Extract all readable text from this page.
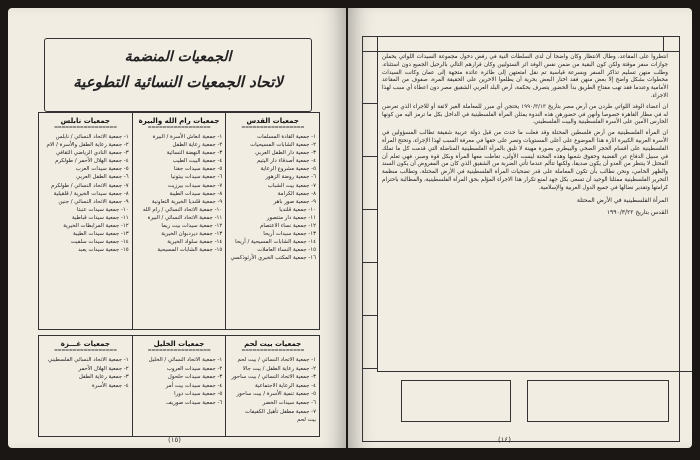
الجمعيات المنضمة
لاتحاد الجمعيات النسائية التطوعية
جمعيات القدس
=================
١- جمعية القادة المسلمات
٢- جمعية الشابات المسيحيات
٣- جمعية دار الطفل العربي
٤- جمعية أصدقاء دار اليتيم
٥- جمعية مشروع الرعاية
٦- جمعية روضة الزهور
٧- جمعية بيت الشباب
٨- جمعية الكرامة
٩- جمعية صور باهر
١٠- جمعية قلنديا
١١- جمعية دار منتصور
١٢- جمعية نساء الاعتصام
١٣- جمعية سيدات أريحا
١٤- جمعية الشابات المسيحية / أريحا
١٥- جمعية النساء العاملات
١٦- جمعية المكتب الخيري الأرثوذكسي
جمعيات رام الله والبيرة
=================
١- جمعية انعاش الأسرة / البيرة
٢- جمعية رعاية الطفل
٣- جمعية النهضة النسائية
٤- جمعية البيت الطيب
٥- جمعية سيدات جفنا
٦- جمعية سيدات بيتونيا
٧- جمعية سيدات بيرزيت
٨- جمعية سيدات الطيبة
٩- جمعية قلنديا الخيرية التعاونية
١٠- جمعية الاتحاد النسائي / رام الله
١١- جمعية الاتحاد النسائي / البيرة
١٢- جمعية سيدات بيت ريما
١٣- جمعية ديردبوان الخيرية
١٤- جمعية سلواد الخيرية
١٥- جمعية الشابات المسيحية
جمعيات نابلس
=================
١- جمعية الاتحاد النسائي / نابلس
٢- جمعية رعاية الطفل والأسرة / الام
٣- جمعية النادي الرياضي الثقافي
٤- جمعية الهلال الأحمر / طولكرم
٥- جمعية سيدات العرب
٦- جمعية الطفل العربي
٧- جمعية الاتحاد النسائي / طولكرم
٨- جمعية سيدات الخيرية / قلقيلية
٩- جمعية الاتحاد النسائي / جنين
١٠- جمعية سيدات عنبتا
١١- جمعية سيدات قباطية
١٢- جمعية المرابطات الخيرية
١٣- جمعية سيدات الطيبة
١٤- جمعية سيدات سلفيت
١٥- جمعية سيدات يعبد
جمعيات بيت لحم
=================
١- جمعية الاتحاد النسائي / بيت لحم
٢- جمعية رعاية الطفل / بيت جالا
٣- جمعية الاتحاد النسائي / بيت ساحور
٤- جمعية الرعاية الاجتماعية
٥- جمعية تنمية الأسرة / بيت ساحور
٦- جمعية سيدات الخضر
٧- جمعية مطفل تأهيل الكفيفات
بيت لحم
جمعيات الخليل
=================
١- جمعية الاتحاد النسائي / الخليل
٢- جمعية سيدات العروب
٣- جمعية سيدات حلحول
٤- جمعية سيدات بيت أمر
٥- جمعية سيدات دورا
٦- جمعية سيدات صوريف
جمعيات غـــزة
=================
١- جمعية الاتحاد النسائي الفلسطيني
٢- جمعية الهلال الأحمر
٣- جمعية رعاية الطفل
٤- جمعية الأسرة
(١٥)

انتظروا على المقاعد، وطال الانتظار وكان واضحا أن لدى السلطات النية في رفض دخول مجموعة السيدات اللواتي يحملن جوازات سفر موقتة ولكن كون البقية من ضمن نفس الوفد اثر الستوليين وكان قرارهم التالي بالرحيل الجميع دون استثناء، وطلب منهن تسليم تذاكر السفر وبسرعة قياسية تم نقل امتعتهن إلى طائرة عائدة متجهة إلى عمان وكانت السيدات محطوات بشكل واضح إلا بعض منهن فقد اختار البعض بحرية أن يطلعوا الاخرين على الحقيقة المرة، صفوف من المقاعد الأمامية وعندما فقد تهب مفتاح الطريق بدأ الحضور يتصرف بحكمة، أرض البلد العربي الشقيق مصر دون اعطاء أي سبب لهذا الاجراء.

ان أعضاء الوفد اللواتي طردن من أرض مصر بتاريخ ١٩٩٠/٣/١٣ يحتجن أي مبرر للمعاملة الغير لائقة أو للاجراء الذي تعرضن له في مطار القاهرة خصوصا وأنهن في حضورهن هذه الندوة يمثلن المرأة الفلسطينية في الداخل بكل ما ترمز اليه من كونها الحارس الأمين على الأسرة الفلسطينية والبيت الفلسطيني.

ان المرأة الفلسطينية من أرض فلسطين المحتلة وقد فعلت ما حدث من قبل دولة عربية شقيقة تطالب المسؤولين في الأسرة العربية الكبيرة اثارة هذا الموضوع على أعلى المستويات وتصر على حقها في معرفة السبب لهذا الإجراء، وتحتج المرأة الفلسطينية على أقسام الحجر الصحي والبيطري بصورة مهينة لا تليق بالمرأة الفلسطينية المناضلة التي قدمت كل ما تملك في سبيل الدفاع عن القضية وحقوق شعبها وهذه المحنة ليست الأولى، تعاطت معها المرأة وبكل قوة وصبر، فهي تعلم أن المحتل لا ينتظر من العدو أن يكون صديقا، ولكنها تتألم عندما تأتي الضربة من الشقيق الذي كان من المفروض أن يكون السند والظهر الحامي، ونحن نطالب بأن تكون المعاملة على قدر تضحيات المرأة الفلسطينية في الأرض المحتلة، وتطالب منظمة التحرير الفلسطينية ممثلنا الوحيد أن تسعى بكل جهد لمنع تكرار هذا الاجراء المؤلم بحق المرأة الفلسطينية، والمطالبة باحترام كرامتها وتقدير نضالها في جميع الدول العربية والإسلامية.

المرأة الفلسطينية في الأرض المحتلة
القدس بتاريخ ١٩٩٠/٣/٢٢
(١٤)
